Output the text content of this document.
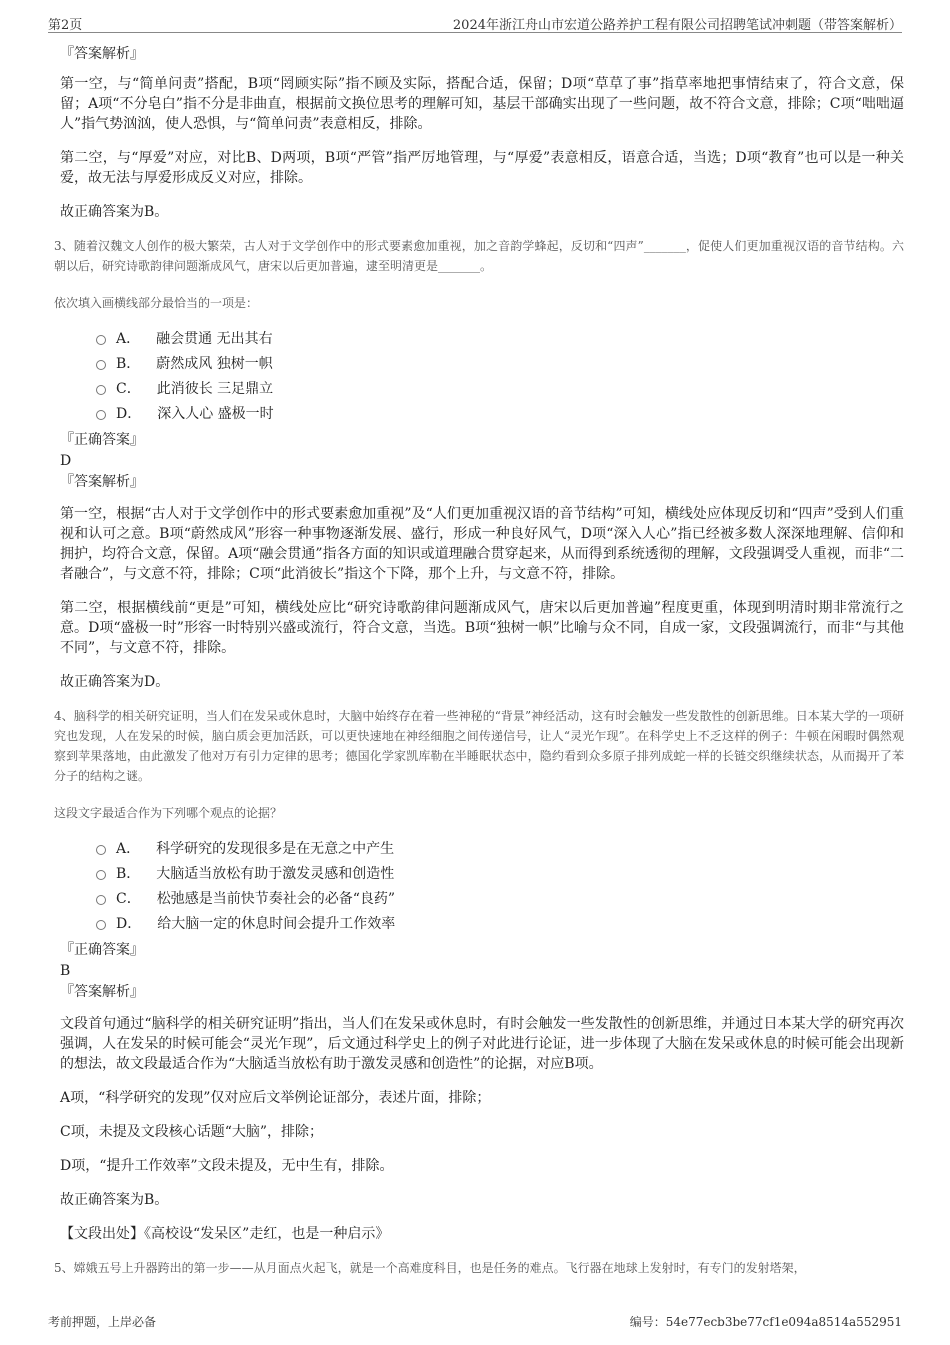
第2页	2024年浙江舟山市宏道公路养护工程有限公司招聘笔试冲刺题（带答案解析）
『答案解析』

第一空，与“简单问责”搭配，B项“罔顾实际”指不顾及实际，搭配合适，保留；D项“草草了事”指草率地把事情结束了，符合文意，保留；A项“不分皂白”指不分是非曲直，根据前文换位思考的理解可知，基层干部确实出现了一些问题，故不符合文意，排除；C项“咄咄逼人”指气势汹汹，使人恐惧，与“简单问责”表意相反，排除。

第二空，与“厚爱”对应，对比B、D两项，B项“严管”指严厉地管理，与“厚爱”表意相反，语意合适，当选；D项“教育”也可以是一种关爱，故无法与厚爱形成反义对应，排除。

故正确答案为B。

3、随着汉魏文人创作的极大繁荣，古人对于文学创作中的形式要素愈加重视，加之音韵学蜂起，反切和“四声”_______，促使人们更加重视汉语的音节结构。六朝以后，研究诗歌韵律问题渐成风气，唐宋以后更加普遍，逮至明清更是_______。

依次填入画横线部分最恰当的一项是：

A． 融会贯通 无出其右
B． 蔚然成风 独树一帜
C． 此消彼长 三足鼎立
D． 深入人心 盛极一时
『正确答案』
D
『答案解析』

第一空，根据“古人对于文学创作中的形式要素愈加重视”及“人们更加重视汉语的音节结构”可知，横线处应体现反切和“四声”受到人们重视和认可之意。B项“蔚然成风”形容一种事物逐渐发展、盛行，形成一种良好风气，D项“深入人心”指已经被多数人深深地理解、信仰和拥护，均符合文意，保留。A项“融会贯通”指各方面的知识或道理融合贯穿起来，从而得到系统透彻的理解，文段强调受人重视，而非“二者融合”，与文意不符，排除；C项“此消彼长”指这个下降，那个上升，与文意不符，排除。

第二空，根据横线前“更是”可知，横线处应比“研究诗歌韵律问题渐成风气，唐宋以后更加普遍”程度更重，体现到明清时期非常流行之意。D项“盛极一时”形容一时特别兴盛或流行，符合文意，当选。B项“独树一帜”比喻与众不同，自成一家，文段强调流行，而非“与其他不同”，与文意不符，排除。

故正确答案为D。

4、脑科学的相关研究证明，当人们在发呆或休息时，大脑中始终存在着一些神秘的“背景”神经活动，这有时会触发一些发散性的创新思维。日本某大学的一项研究也发现，人在发呆的时候，脑白质会更加活跃，可以更快速地在神经细胞之间传递信号，让人“灵光乍现”。在科学史上不乏这样的例子：牛顿在闲暇时偶然观察到苹果落地，由此激发了他对万有引力定律的思考；德国化学家凯库勒在半睡眠状态中，隐约看到众多原子排列成蛇一样的长链交织继续状态，从而揭开了苯分子的结构之谜。

这段文字最适合作为下列哪个观点的论据？

A． 科学研究的发现很多是在无意之中产生
B． 大脑适当放松有助于激发灵感和创造性
C． 松弛感是当前快节奏社会的必备“良药”
D． 给大脑一定的休息时间会提升工作效率
『正确答案』
B
『答案解析』

文段首句通过“脑科学的相关研究证明”指出，当人们在发呆或休息时，有时会触发一些发散性的创新思维，并通过日本某大学的研究再次强调，人在发呆的时候可能会“灵光乍现”，后文通过科学史上的例子对此进行论证，进一步体现了大脑在发呆或休息的时候可能会出现新的想法，故文段最适合作为“大脑适当放松有助于激发灵感和创造性”的论据，对应B项。

A项，“科学研究的发现”仅对应后文举例论证部分，表述片面，排除；

C项，未提及文段核心话题“大脑”，排除；

D项，“提升工作效率”文段未提及，无中生有，排除。

故正确答案为B。

【文段出处】《高校设“发呆区”走红，也是一种启示》

5、嫦娥五号上升器跨出的第一步——从月面点火起飞，就是一个高难度科目，也是任务的难点。飞行器在地球上发射时，有专门的发射塔架，

考前押题，上岸必备	编号：54e77ecb3be77cf1e094a8514a552951
